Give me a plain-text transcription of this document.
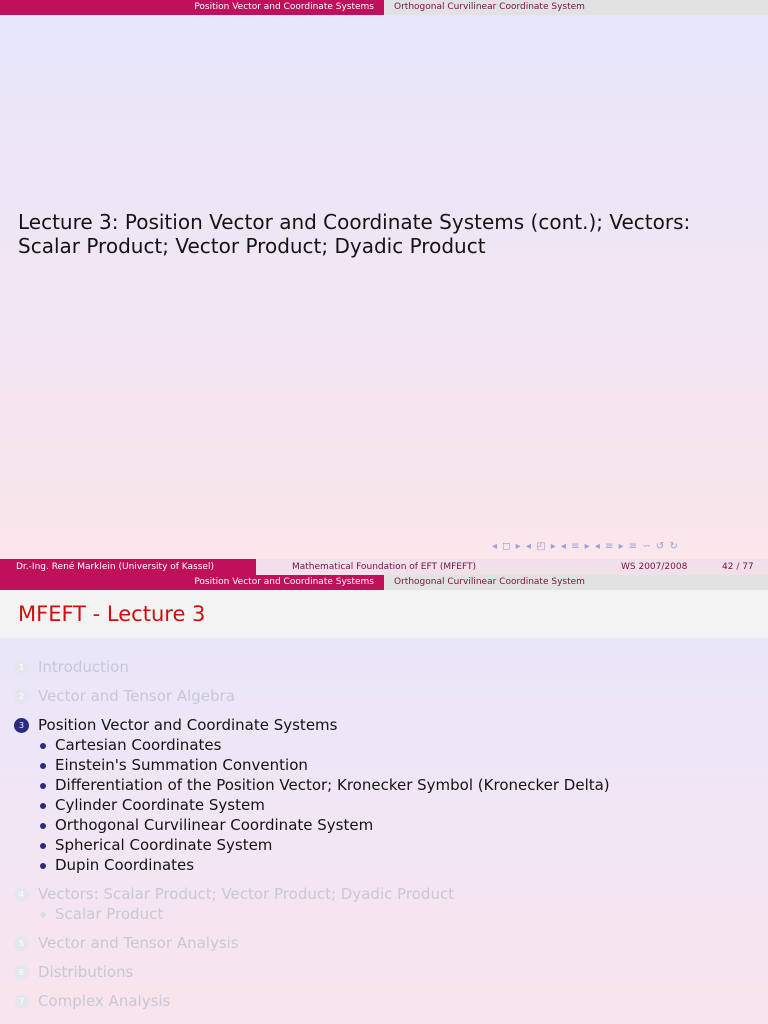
Position Vector and Coordinate Systems	Orthogonal Curvilinear Coordinate System
Lecture 3: Position Vector and Coordinate Systems (cont.); Vectors: Scalar Product; Vector Product; Dyadic Product
◂ ◻ ▸ ◂ ◰ ▸ ◂ ≡ ▸ ◂ ≡ ▸ ≡ ∽ ↺ ↻
Dr.-Ing. René Marklein (University of Kassel)	Mathematical Foundation of EFT (MFEFT)	WS 2007/2008	42 / 77
Position Vector and Coordinate Systems	Orthogonal Curvilinear Coordinate System
MFEFT - Lecture 3
1 Introduction
2 Vector and Tensor Algebra
3 Position Vector and Coordinate Systems
Cartesian Coordinates
Einstein's Summation Convention
Differentiation of the Position Vector; Kronecker Symbol (Kronecker Delta)
Cylinder Coordinate System
Orthogonal Curvilinear Coordinate System
Spherical Coordinate System
Dupin Coordinates
4 Vectors: Scalar Product; Vector Product; Dyadic Product
Scalar Product
5 Vector and Tensor Analysis
6 Distributions
7 Complex Analysis
